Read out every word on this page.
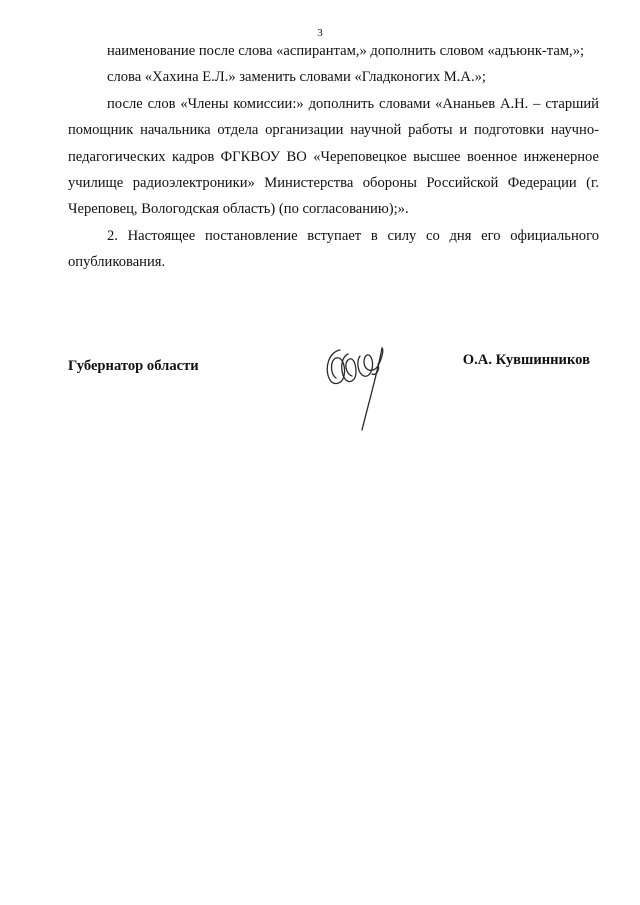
3

наименование после слова «аспирантам,» дополнить словом «адъюнк-там,»;

слова «Хахина Е.Л.» заменить словами «Гладконогих М.А.»;

после слов «Члены комиссии:» дополнить словами «Ананьев А.Н. – старший помощник начальника отдела организации научной работы и подготовки научно-педагогических кадров ФГКВОУ ВО «Череповецкое высшее военное инженерное училище радиоэлектроники» Министерства обороны Российской Федерации (г. Череповец, Вологодская область) (по согласованию);».

2. Настоящее постановление вступает в силу со дня его официального опубликования.

Губернатор области	О.А. Кувшинников
